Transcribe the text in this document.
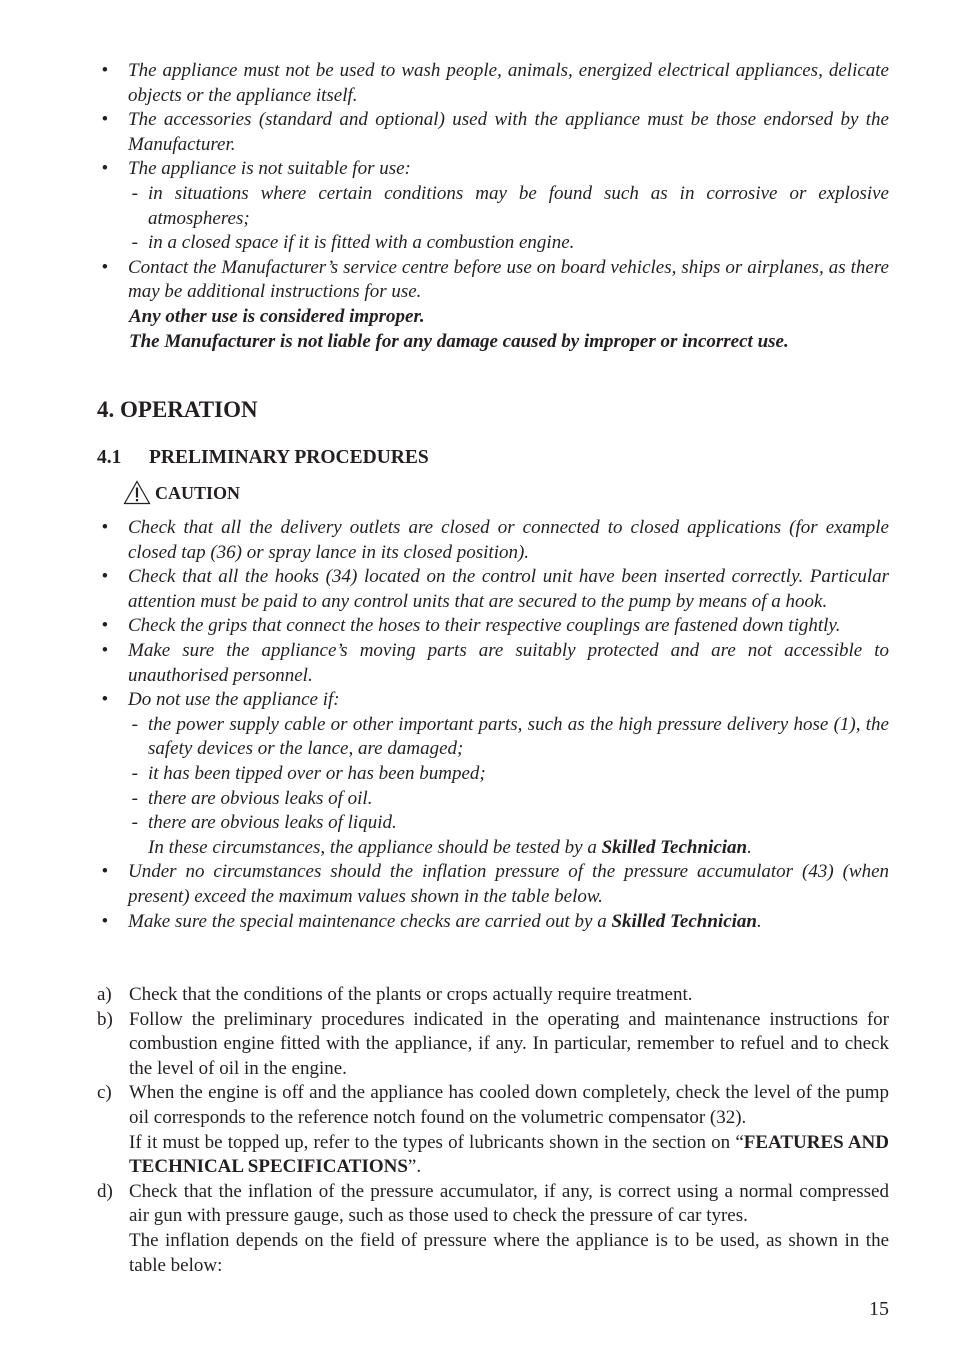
•	The appliance must not be used to wash people, animals, energized electrical appliances, delicate objects or the appliance itself.
•	The accessories (standard and optional) used with the appliance must be those endorsed by the Manufacturer.
•	The appliance is not suitable for use:
- in situations where certain conditions may be found such as in corrosive or explosive atmospheres;
- in a closed space if it is fitted with a combustion engine.
•	Contact the Manufacturer’s service centre before use on board vehicles, ships or airplanes, as there may be additional instructions for use.
Any other use is considered improper.
The Manufacturer is not liable for any damage caused by improper or incorrect use.
4. OPERATION
4.1 PRELIMINARY PROCEDURES
CAUTION
•	Check that all the delivery outlets are closed or connected to closed applications (for example closed tap (36) or spray lance in its closed position).
•	Check that all the hooks (34) located on the control unit have been inserted correctly. Particular attention must be paid to any control units that are secured to the pump by means of a hook.
•	Check the grips that connect the hoses to their respective couplings are fastened down tightly.
•	Make sure the appliance’s moving parts are suitably protected and are not accessible to unauthorised personnel.
•	Do not use the appliance if:
- the power supply cable or other important parts, such as the high pressure delivery hose (1), the safety devices or the lance, are damaged;
- it has been tipped over or has been bumped;
- there are obvious leaks of oil.
- there are obvious leaks of liquid.
In these circumstances, the appliance should be tested by a Skilled Technician.
•	Under no circumstances should the inflation pressure of the pressure accumulator (43) (when present) exceed the maximum values shown in the table below.
•	Make sure the special maintenance checks are carried out by a Skilled Technician.
a) Check that the conditions of the plants or crops actually require treatment.
b) Follow the preliminary procedures indicated in the operating and maintenance instructions for combustion engine fitted with the appliance, if any. In particular, remember to refuel and to check the level of oil in the engine.
c) When the engine is off and the appliance has cooled down completely, check the level of the pump oil corresponds to the reference notch found on the volumetric compensator (32).
If it must be topped up, refer to the types of lubricants shown in the section on “FEATURES AND TECHNICAL SPECIFICATIONS”.
d) Check that the inflation of the pressure accumulator, if any, is correct using a normal compressed air gun with pressure gauge, such as those used to check the pressure of car tyres.
The inflation depends on the field of pressure where the appliance is to be used, as shown in the table below:
15
